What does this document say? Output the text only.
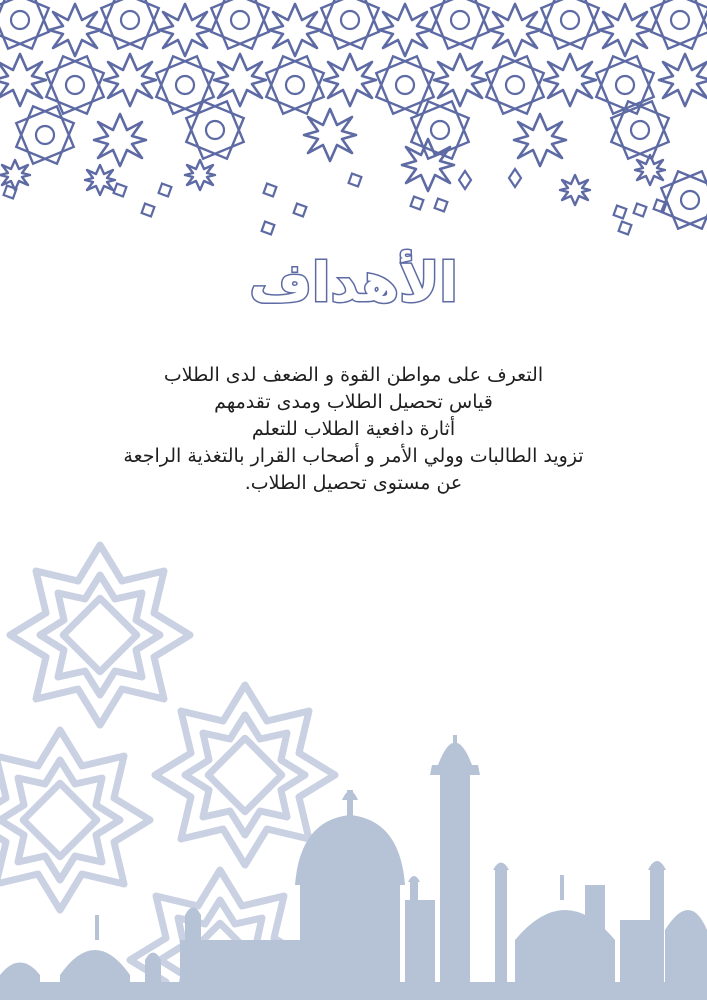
الأهداف

التعرف على مواطن القوة و الضعف لدى الطلاب

قياس تحصيل الطلاب ومدى تقدمهم

أثارة دافعية الطلاب للتعلم

تزويد الطالبات وولي الأمر و أصحاب القرار بالتغذية الراجعة

عن مستوى تحصيل الطلاب.
